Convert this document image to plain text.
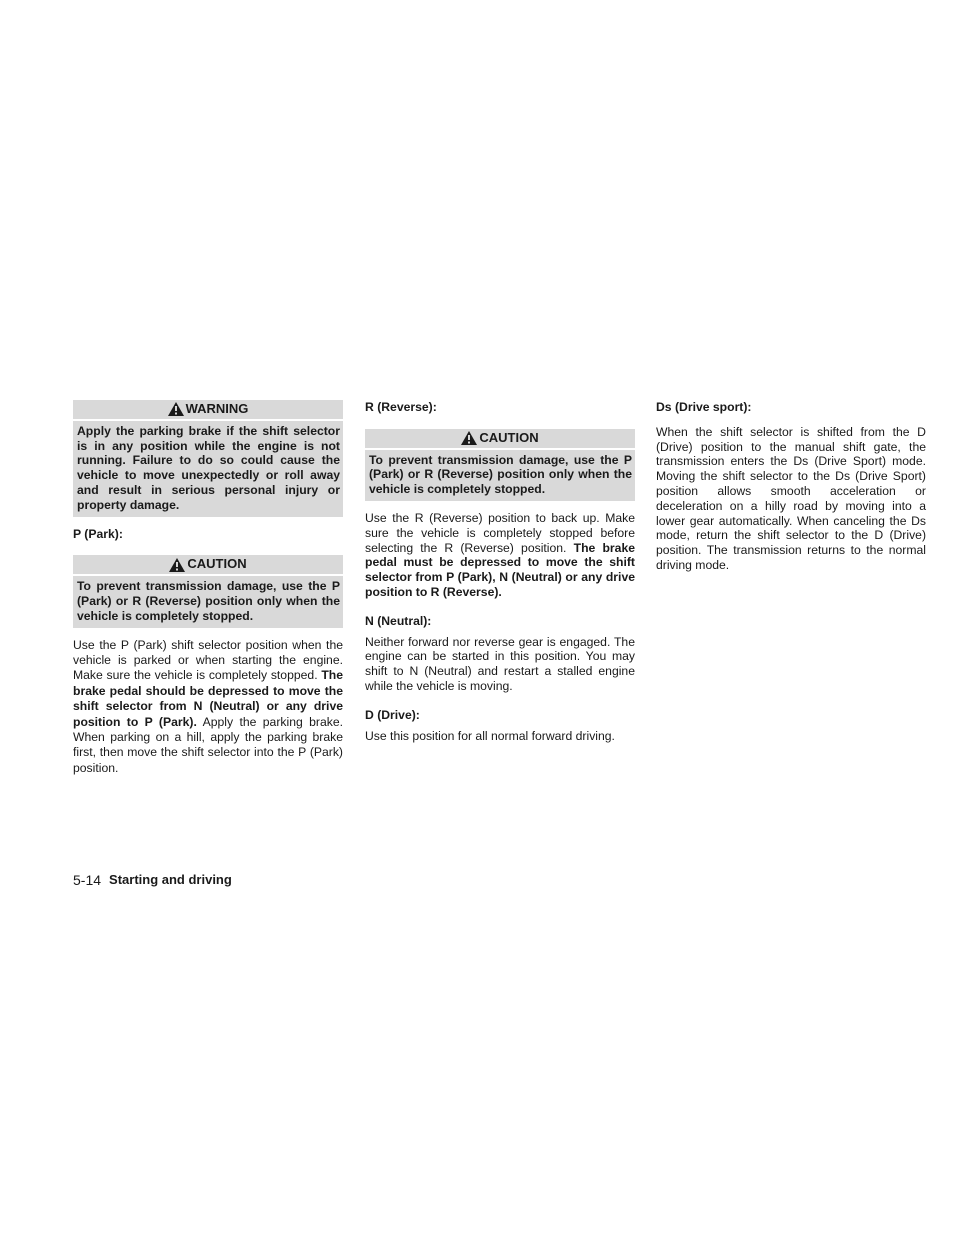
WARNING
Apply the parking brake if the shift selector is in any position while the engine is not running. Failure to do so could cause the vehicle to move unexpectedly or roll away and result in serious personal injury or property damage.
P (Park):
CAUTION
To prevent transmission damage, use the P (Park) or R (Reverse) position only when the vehicle is completely stopped.

Use the P (Park) shift selector position when the vehicle is parked or when starting the engine. Make sure the vehicle is completely stopped. The brake pedal should be depressed to move the shift selector from N (Neutral) or any drive position to P (Park). Apply the parking brake. When parking on a hill, apply the parking brake first, then move the shift selector into the P (Park) position.

R (Reverse):
CAUTION
To prevent transmission damage, use the P (Park) or R (Reverse) position only when the vehicle is completely stopped.

Use the R (Reverse) position to back up. Make sure the vehicle is completely stopped before selecting the R (Reverse) position. The brake pedal must be depressed to move the shift selector from P (Park), N (Neutral) or any drive position to R (Reverse).

N (Neutral):

Neither forward nor reverse gear is engaged. The engine can be started in this position. You may shift to N (Neutral) and restart a stalled engine while the vehicle is moving.

D (Drive):

Use this position for all normal forward driving.

Ds (Drive sport):

When the shift selector is shifted from the D (Drive) position to the manual shift gate, the transmission enters the Ds (Drive Sport) mode. Moving the shift selector to the Ds (Drive Sport) position allows smooth acceleration or deceleration on a hilly road by moving into a lower gear automatically. When canceling the Ds mode, return the shift selector to the D (Drive) position. The transmission returns to the normal driving mode.

5-14 Starting and driving
